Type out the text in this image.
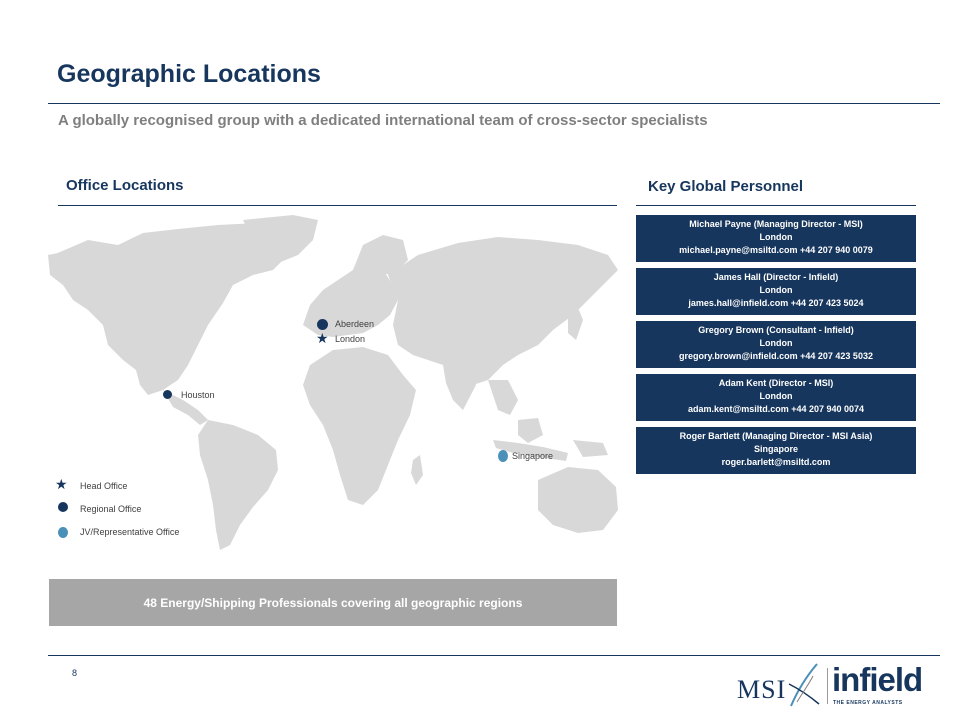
Geographic Locations
A globally recognised group with a dedicated international team of cross-sector specialists
Office Locations	Key Global Personnel
Aberdeen
★ London
Houston
Singapore
★ Head Office
Regional Office
JV/Representative Office
48 Energy/Shipping Professionals covering all geographic regions
Michael Payne (Managing Director - MSI)
London
michael.payne@msiltd.com +44 207 940 0079
James Hall (Director - Infield)
London
james.hall@infield.com +44 207 423 5024
Gregory Brown (Consultant - Infield)
London
gregory.brown@infield.com +44 207 423 5032
Adam Kent (Director - MSI)
London
adam.kent@msiltd.com +44 207 940 0074
Roger Bartlett (Managing Director - MSI Asia)
Singapore
roger.barlett@msiltd.com
8
MSI infield
THE ENERGY ANALYSTS
